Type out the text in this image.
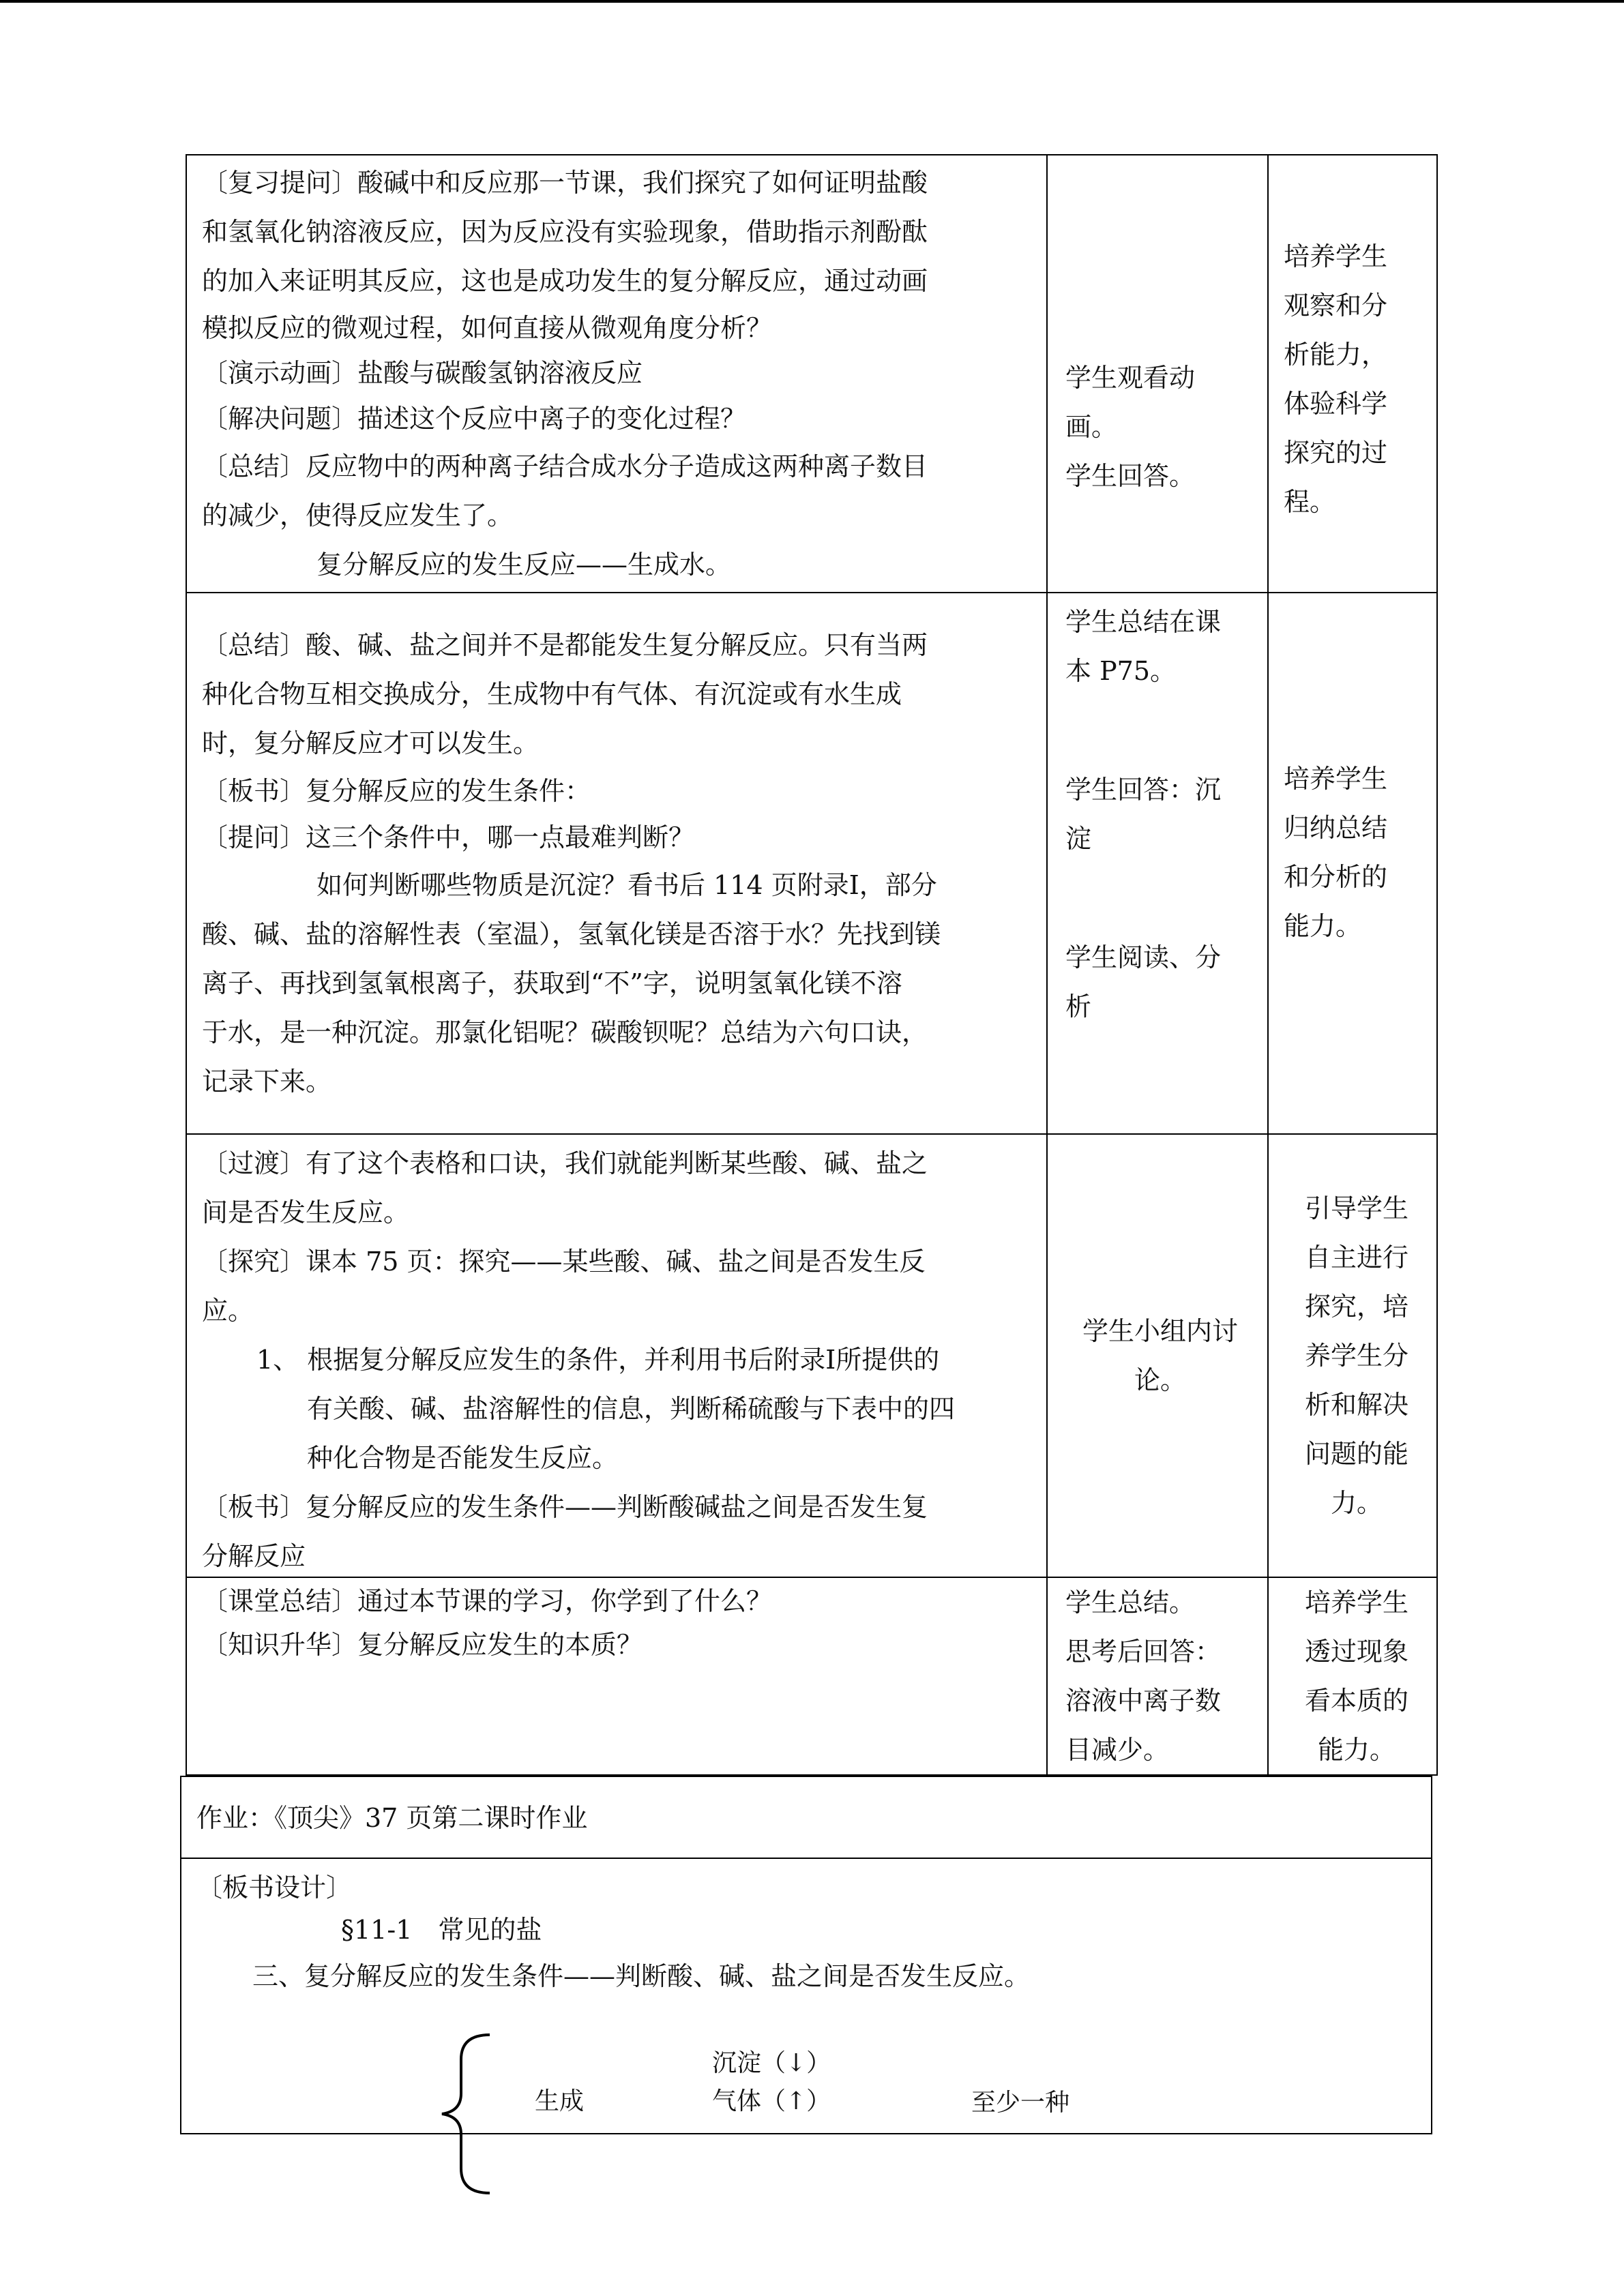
〔复习提问〕酸碱中和反应那一节课，我们探究了如何证明盐酸

和氢氧化钠溶液反应，因为反应没有实验现象，借助指示剂酚酞

的加入来证明其反应，这也是成功发生的复分解反应，通过动画

模拟反应的微观过程，如何直接从微观角度分析？

〔演示动画〕盐酸与碳酸氢钠溶液反应

〔解决问题〕描述这个反应中离子的变化过程？

〔总结〕反应物中的两种离子结合成水分子造成这两种离子数目

的减少，使得反应发生了。

复分解反应的发生反应——生成水。

学生观看动
画。
学生回答。
培养学生
观察和分
析能力，
体验科学
探究的过
程。

〔总结〕酸、碱、盐之间并不是都能发生复分解反应。只有当两

种化合物互相交换成分，生成物中有气体、有沉淀或有水生成

时，复分解反应才可以发生。

〔板书〕复分解反应的发生条件：

〔提问〕这三个条件中，哪一点最难判断？

如何判断哪些物质是沉淀？看书后 114 页附录Ⅰ，部分

酸、碱、盐的溶解性表（室温），氢氧化镁是否溶于水？先找到镁

离子、再找到氢氧根离子，获取到“不”字，说明氢氧化镁不溶

于水，是一种沉淀。那氯化铝呢？碳酸钡呢？总结为六句口诀，

记录下来。

学生总结在课
本 P75。
学生回答：沉
淀
学生阅读、分
析
培养学生
归纳总结
和分析的
能力。

〔过渡〕有了这个表格和口诀，我们就能判断某些酸、碱、盐之

间是否发生反应。

〔探究〕课本 75 页：探究——某些酸、碱、盐之间是否发生反

应。

1、 根据复分解反应发生的条件，并利用书后附录Ⅰ所提供的

有关酸、碱、盐溶解性的信息，判断稀硫酸与下表中的四

种化合物是否能发生反应。

〔板书〕复分解反应的发生条件——判断酸碱盐之间是否发生复

分解反应

学生小组内讨
论。
引导学生
自主进行
探究，培
养学生分
析和解决
问题的能
力。

〔课堂总结〕通过本节课的学习，你学到了什么？

〔知识升华〕复分解反应发生的本质？

学生总结。
思考后回答：
溶液中离子数
目减少。
培养学生
透过现象
看本质的
能力。

作业：《顶尖》37 页第二课时作业

〔板书设计〕

§11-1　常见的盐

三、复分解反应的发生条件——判断酸、碱、盐之间是否发生反应。

生成

沉淀（↓）

气体（↑）	至少一种
